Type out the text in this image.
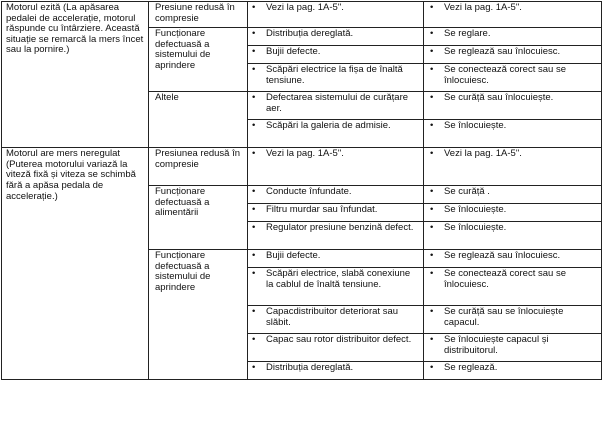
Motorul ezită (La apăsarea pedalei de accelerație, motorul răspunde cu întârziere. Această situație se remarcă la mers încet sau la pornire.)	Presiune redusă în compresie	• Vezi la pag. 1A-5".	• Vezi la pag. 1A-5".

	Funcționare defectuasă a sistemului de aprindere	• Distribuția dereglată.	• Se reglare.

		• Bujii defecte.	• Se reglează sau înlocuiesc.

		• Scăpări electrice la fișa de înaltă tensiune.	• Se conectează corect sau se înlocuiesc.

	Altele	• Defectarea sistemului de curățare aer.	• Se curăță sau înlocuiește.

		• Scăpări la galeria de admisie.	• Se înlocuiește.

Motorul are mers neregulat (Puterea motorului variază la viteză fixă și viteza se schimbă fără a apăsa pedala de accelerație.)	Presiunea redusă în compresie	• Vezi la pag. 1A-5".	• Vezi la pag. 1A-5".

	Funcționare defectuasă a alimentării	• Conducte înfundate.	• Se curăță .

		• Filtru murdar sau înfundat.	• Se înlocuiește.

		• Regulator presiune benzină defect.	• Se înlocuiește.

	Funcționare defectuasă a sistemului de aprindere	• Bujii defecte.	• Se reglează sau înlocuiesc.

		• Scăpări electrice, slabă conexiune la cablul de înaltă tensiune.	• Se conectează corect sau se înlocuiesc.

		• Capacdistribuitor deteriorat sau slăbit.	• Se curăță sau se înlocuiește capacul.

		• Capac sau rotor distribuitor defect.	• Se înlocuiește capacul și distribuitorul.

		• Distribuția dereglată.	• Se reglează.
